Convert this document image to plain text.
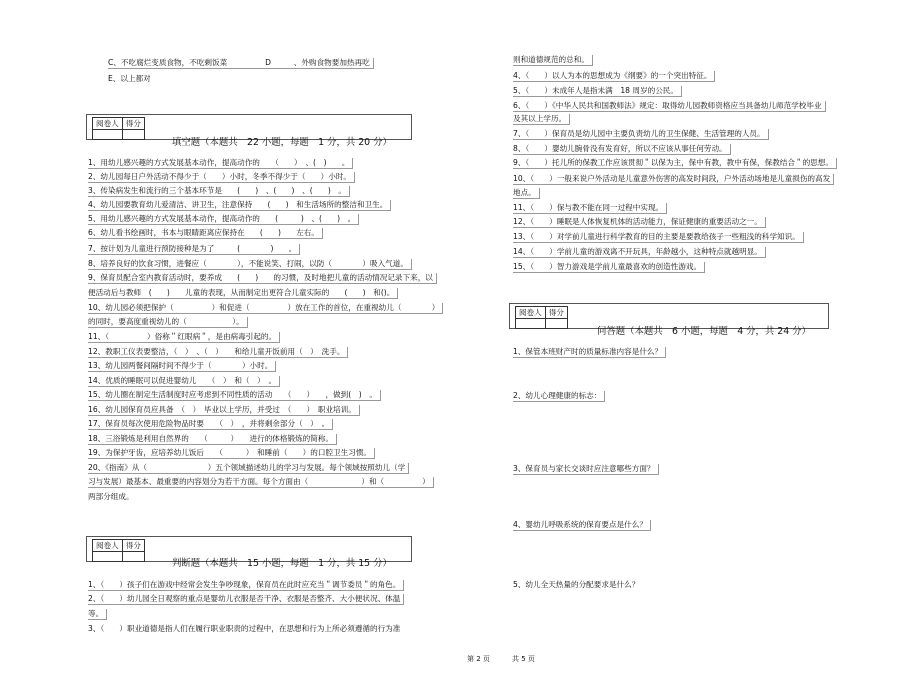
C、不吃腐烂变质食物，不吃剩饭菜　　　　　D　　　、外购食物要加热再吃
E、以上都对
阅卷人	得分

填空题（本题共　22 小题，每题　1 分，共 20 分）
1、用幼儿感兴趣的方式发展基本动作，提高动作的　　（　　）　、(　)　　。
2、幼儿园每日户外活动不得少于（　　）小时，冬季不得少于（　　）小时。
3、传染病发生和流行的三个基本环节是　　(　　)　、(　　)　、(　　)　。
4、幼儿园要教育幼儿爱清洁、讲卫生，注意保持　　(　　)　和生活场所的整洁和卫生。
5、用幼儿感兴趣的方式发展基本动作，提高动作的　　(　　　)　、(　　)　。
6、幼儿看书绘画时，书本与眼睛距离应保持在　　(　　)　　左右。
7、按计划为儿童进行预防接种是为了　　　(　　　　)　　。
8、培养良好的饮食习惯，进餐应（　　　　），不能说笑、打闹，以防（　　　　）吸入气道。
9、保育员配合室内教育活动时，要养成　　(　　)　　的习惯，及时地把儿童的活动情况记录下来，以
便活动后与教师　(　　)　　儿童的表现，从而制定出更符合儿童实际的　　(　　)　和()。
10、幼儿园必须把保护（　　　　　）和促进（　　　　　）放在工作的首位，在重视幼儿（　　　　）
的同时，要高度重视幼儿的（　　　　　　）。
11、（　　　　　）俗称＂红眼病＂，是由病毒引起的。
12、教职工仪表要整洁，（　）　、（　）　　和给儿童开饭前用（　）　洗手。
13、幼儿园两餐间隔时间不得少于（　　　　）小时。
14、优质的睡眠可以促进婴幼儿　　（　）　和（　）　。
15、幼儿圈在制定生活制度时应考虑到不同性质的活动　　（　　）　　，做到(　)　。
16、幼儿园保育员应具备　（　）　毕业以上学历，并受过　（　　）　职业培训。
17、保育员每次使用危险物品时要　　（　）　，并将剩余部分（　）　。
18、三浴锻炼是利用自然界的　　（　　　）　　进行的体格锻炼的简称。
19、为保护牙齿，应培养幼儿饭后　　（　　　）　和睡前（　　）的口腔卫生习惯。
20、《指南》从（　　　　　　　　）五个领域描述幼儿的学习与发展。每个领域按照幼儿（学
习与发展）最基本、最重要的内容划分为若干方面。每个方面由（　　　　　　　）和（　　　　　）
两部分组成。
阅卷人	得分

判断题（本题共　15 小题，每题　1 分，共 15 分）
1、（　　）孩子们在游戏中经常会发生争吵现象，保育员在此时应充当＂调节委员＂的角色。
2、（　　）幼儿园全日观察的重点是婴幼儿衣服是否干净、衣服是否整齐、大小便状况、体温
等。
3、（　　）职业道德是指人们在履行职业职责的过程中，在思想和行为上所必须遵循的行为准
则和道德规范的总和。
4、（　　）以人为本的思想成为《纲要》的一个突出特征。
5、（　　）未成年人是指未满　18 周岁的公民。
6、（　　）《中华人民共和国教师法》规定：取得幼儿园教师资格应当具备幼儿师范学校毕业
及其以上学历。
7、（　　）保育员是幼儿园中主要负责幼儿的卫生保健、生活管理的人员。
8、（　　）婴幼儿腕骨没有发育好，所以不应该从事任何劳动。
9、（　　）托儿所的保教工作应该贯彻＂以保为主，保中有教，教中有保，保教结合＂的思想。
10、（　　）一般来说户外活动是儿童意外伤害的高发时间段，户外活动场地是儿童损伤的高发
地点。
11、（　　）保与教不能在同一过程中实现。
12、（　　）睡眠是人体恢复机体的活动能力，保证健康的重要活动之一。
13、（　　）对学前儿童进行科学教育的目的主要是要教给孩子一些粗浅的科学知识。
14、（　　）学前儿童的游戏离不开玩具，年龄越小，这种特点就越明显。
15、（　　）智力游戏是学前儿童最喜欢的创造性游戏。
阅卷人	得分

问答题（本题共　6 小题，每题　4 分，共 24 分）
1、保管本班财产时的质量标准内容是什么？
2、幼儿心理健康的标志：
3、保育员与家长交谈时应注意哪些方面？
4、婴幼儿呼吸系统的保育要点是什么？
5、幼儿全天热量的分配要求是什么？
第 2 页	共 5 页
